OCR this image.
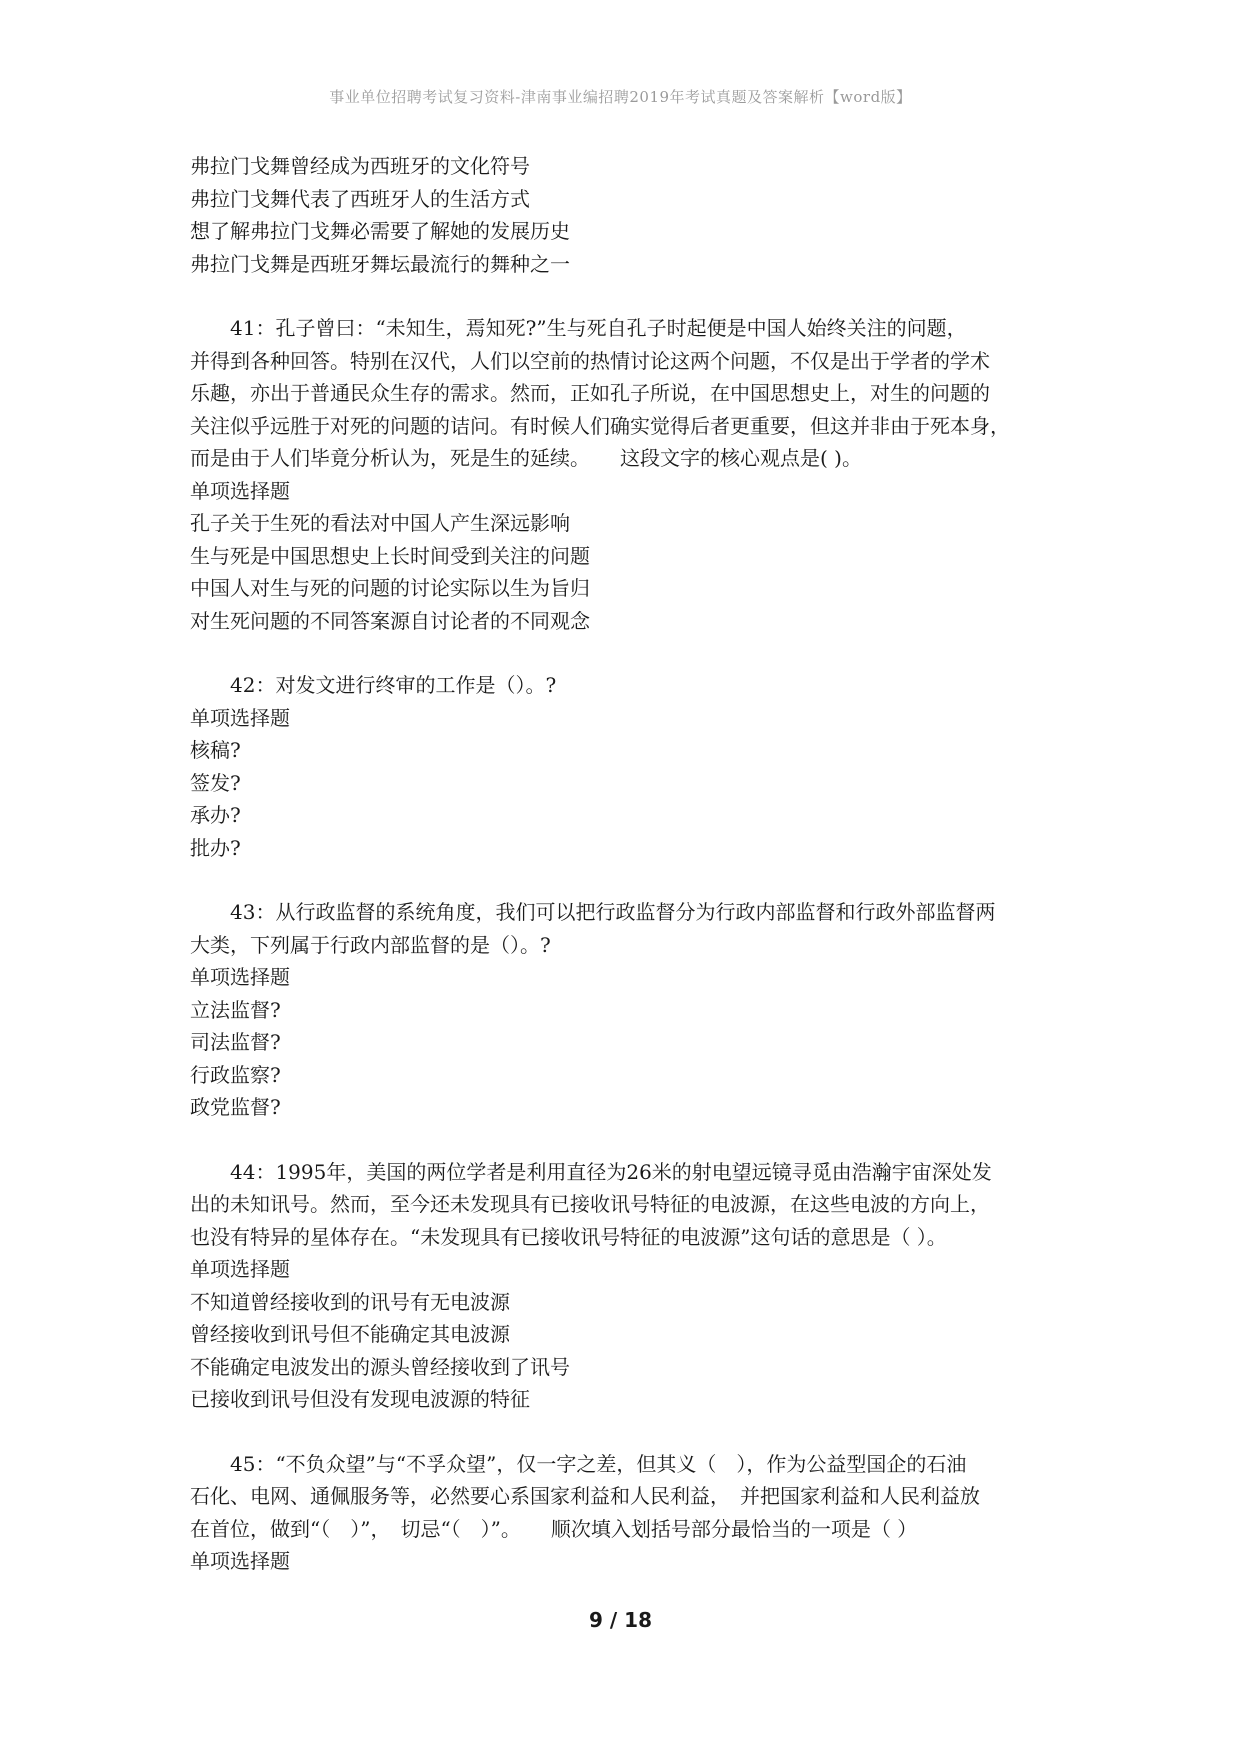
事业单位招聘考试复习资料-津南事业编招聘2019年考试真题及答案解析【word版】
弗拉门戈舞曾经成为西班牙的文化符号
弗拉门戈舞代表了西班牙人的生活方式
想了解弗拉门戈舞必需要了解她的发展历史
弗拉门戈舞是西班牙舞坛最流行的舞种之一
41：孔子曾曰：“未知生，焉知死?”生与死自孔子时起便是中国人始终关注的问题，
并得到各种回答。特别在汉代，人们以空前的热情讨论这两个问题，不仅是出于学者的学术
乐趣，亦出于普通民众生存的需求。然而，正如孔子所说，在中国思想史上，对生的问题的
关注似乎远胜于对死的问题的诘问。有时候人们确实觉得后者更重要，但这并非由于死本身，
而是由于人们毕竟分析认为，死是生的延续。　　这段文字的核心观点是( )。
单项选择题
孔子关于生死的看法对中国人产生深远影响
生与死是中国思想史上长时间受到关注的问题
中国人对生与死的问题的讨论实际以生为旨归
对生死问题的不同答案源自讨论者的不同观念
42：对发文进行终审的工作是（）。?
单项选择题
核稿?
签发?
承办?
批办?
43：从行政监督的系统角度，我们可以把行政监督分为行政内部监督和行政外部监督两
大类，下列属于行政内部监督的是（）。?
单项选择题
立法监督?
司法监督?
行政监察?
政党监督?
44：1995年，美国的两位学者是利用直径为26米的射电望远镜寻觅由浩瀚宇宙深处发
出的未知讯号。然而，至今还未发现具有已接收讯号特征的电波源，在这些电波的方向上，
也没有特异的星体存在。“未发现具有已接收讯号特征的电波源”这句话的意思是（ ）。
单项选择题
不知道曾经接收到的讯号有无电波源
曾经接收到讯号但不能确定其电波源
不能确定电波发出的源头曾经接收到了讯号
已接收到讯号但没有发现电波源的特征
45：“不负众望”与“不孚众望”，仅一字之差，但其义（　），作为公益型国企的石油
石化、电网、通佩服务等，必然要心系国家利益和人民利益，　并把国家利益和人民利益放
在首位，做到“（　）”，　切忌“（　）”。　　顺次填入划括号部分最恰当的一项是（ ）
单项选择题
9 / 18
